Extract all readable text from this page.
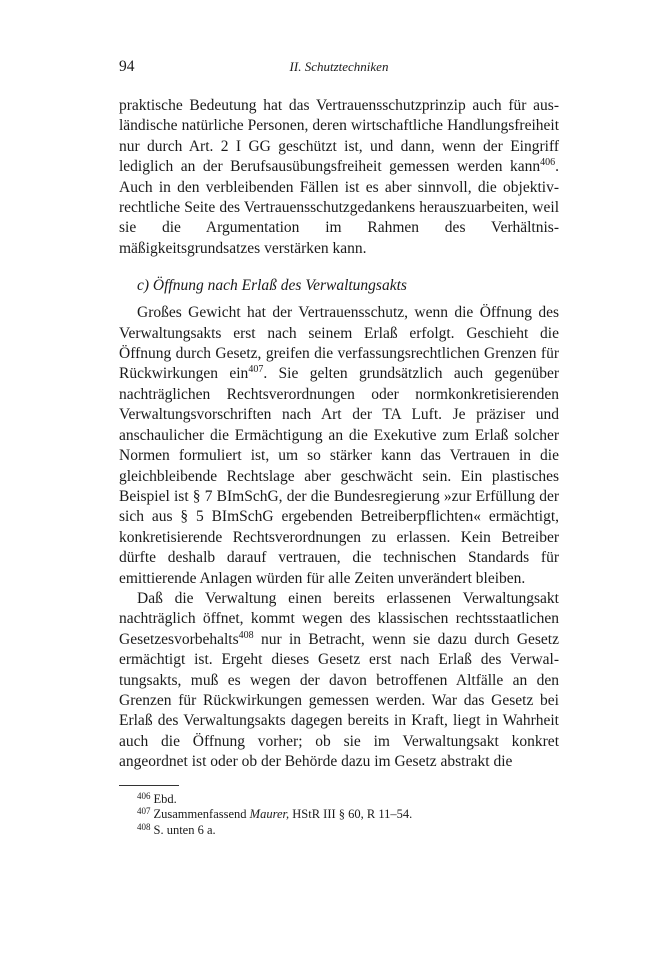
94	II. Schutztechniken

praktische Bedeutung hat das Vertrauensschutzprinzip auch für ausländische natürliche Personen, deren wirtschaftliche Handlungsfreiheit nur durch Art. 2 I GG geschützt ist, und dann, wenn der Eingriff lediglich an der Berufsausübungsfreiheit gemessen werden kann$^{406}$. Auch in den verbleibenden Fällen ist es aber sinnvoll, die objektiv-rechtliche Seite des Vertrauensschutzgedankens herauszuarbeiten, weil sie die Argumentation im Rahmen des Verhältnismäßigkeitsgrundsatzes verstärken kann.

c) Öffnung nach Erlaß des Verwaltungsakts

Großes Gewicht hat der Vertrauensschutz, wenn die Öffnung des Verwaltungsakts erst nach seinem Erlaß erfolgt. Geschieht die Öffnung durch Gesetz, greifen die verfassungsrechtlichen Grenzen für Rückwirkungen ein$^{407}$. Sie gelten grundsätzlich auch gegenüber nachträglichen Rechtsverordnungen oder normkonkretisierenden Verwaltungsvorschriften nach Art der TA Luft. Je präziser und anschaulicher die Ermächtigung an die Exekutive zum Erlaß solcher Normen formuliert ist, um so stärker kann das Vertrauen in die gleichbleibende Rechtslage aber geschwächt sein. Ein plastisches Beispiel ist § 7 BImSchG, der die Bundesregierung »zur Erfüllung der sich aus § 5 BImSchG ergebenden Betreiberpflichten« ermächtigt, konkretisierende Rechtsverordnungen zu erlassen. Kein Betreiber dürfte deshalb darauf vertrauen, die technischen Standards für emittierende Anlagen würden für alle Zeiten unverändert bleiben.

Daß die Verwaltung einen bereits erlassenen Verwaltungsakt nachträglich öffnet, kommt wegen des klassischen rechtsstaatlichen Gesetzesvorbehalts$^{408}$ nur in Betracht, wenn sie dazu durch Gesetz ermächtigt ist. Ergeht dieses Gesetz erst nach Erlaß des Verwaltungsakts, muß es wegen der davon betroffenen Altfälle an den Grenzen für Rückwirkungen gemessen werden. War das Gesetz bei Erlaß des Verwaltungsakts dagegen bereits in Kraft, liegt in Wahrheit auch die Öffnung vorher; ob sie im Verwaltungsakt konkret angeordnet ist oder ob der Behörde dazu im Gesetz abstrakt die

$^{406}$ Ebd.
$^{407}$ Zusammenfassend Maurer, HStR III § 60, R 11–54.
$^{408}$ S. unten 6 a.
